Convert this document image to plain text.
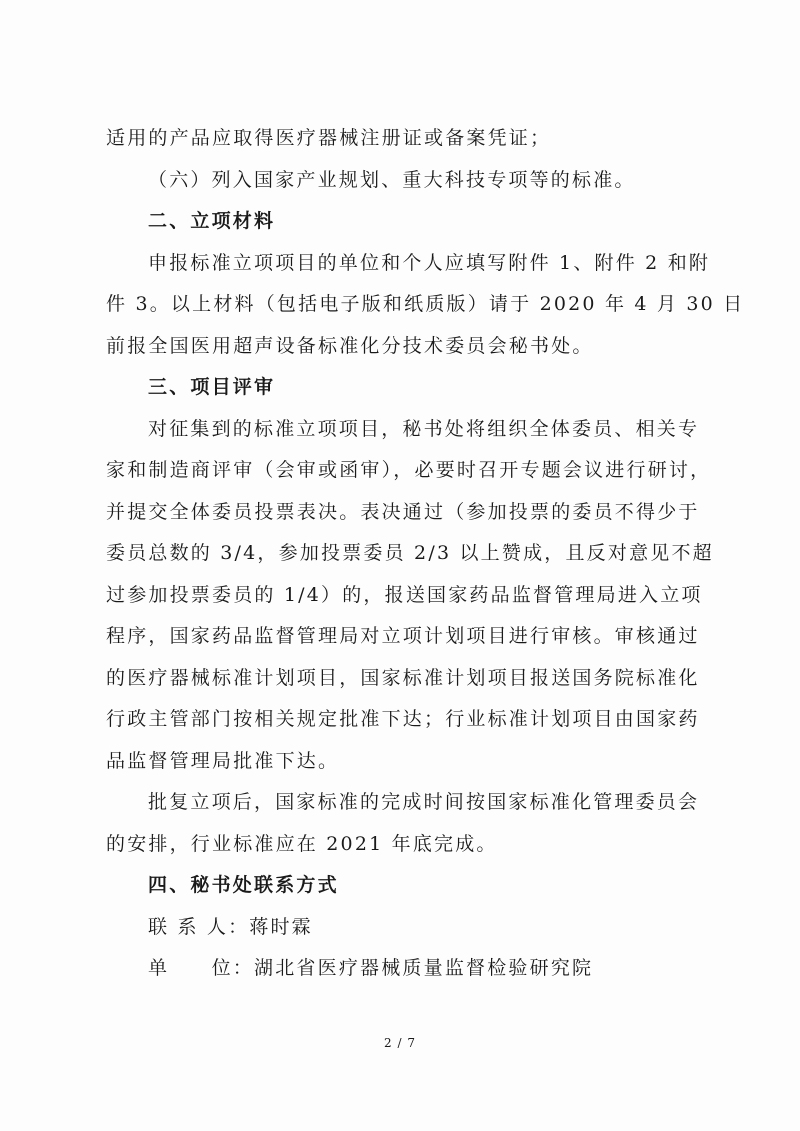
适用的产品应取得医疗器械注册证或备案凭证；
（六）列入国家产业规划、重大科技专项等的标准。
二、立项材料
申报标准立项项目的单位和个人应填写附件 1、附件 2 和附
件 3。以上材料（包括电子版和纸质版）请于 2020 年 4 月 30 日
前报全国医用超声设备标准化分技术委员会秘书处。
三、项目评审
对征集到的标准立项项目，秘书处将组织全体委员、相关专
家和制造商评审（会审或函审），必要时召开专题会议进行研讨，
并提交全体委员投票表决。表决通过（参加投票的委员不得少于
委员总数的 3/4，参加投票委员 2/3 以上赞成，且反对意见不超
过参加投票委员的 1/4）的，报送国家药品监督管理局进入立项
程序，国家药品监督管理局对立项计划项目进行审核。审核通过
的医疗器械标准计划项目，国家标准计划项目报送国务院标准化
行政主管部门按相关规定批准下达；行业标准计划项目由国家药
品监督管理局批准下达。
批复立项后，国家标准的完成时间按国家标准化管理委员会
的安排，行业标准应在 2021 年底完成。
四、秘书处联系方式
联 系 人：蒋时霖
单　　位：湖北省医疗器械质量监督检验研究院
2 / 7
